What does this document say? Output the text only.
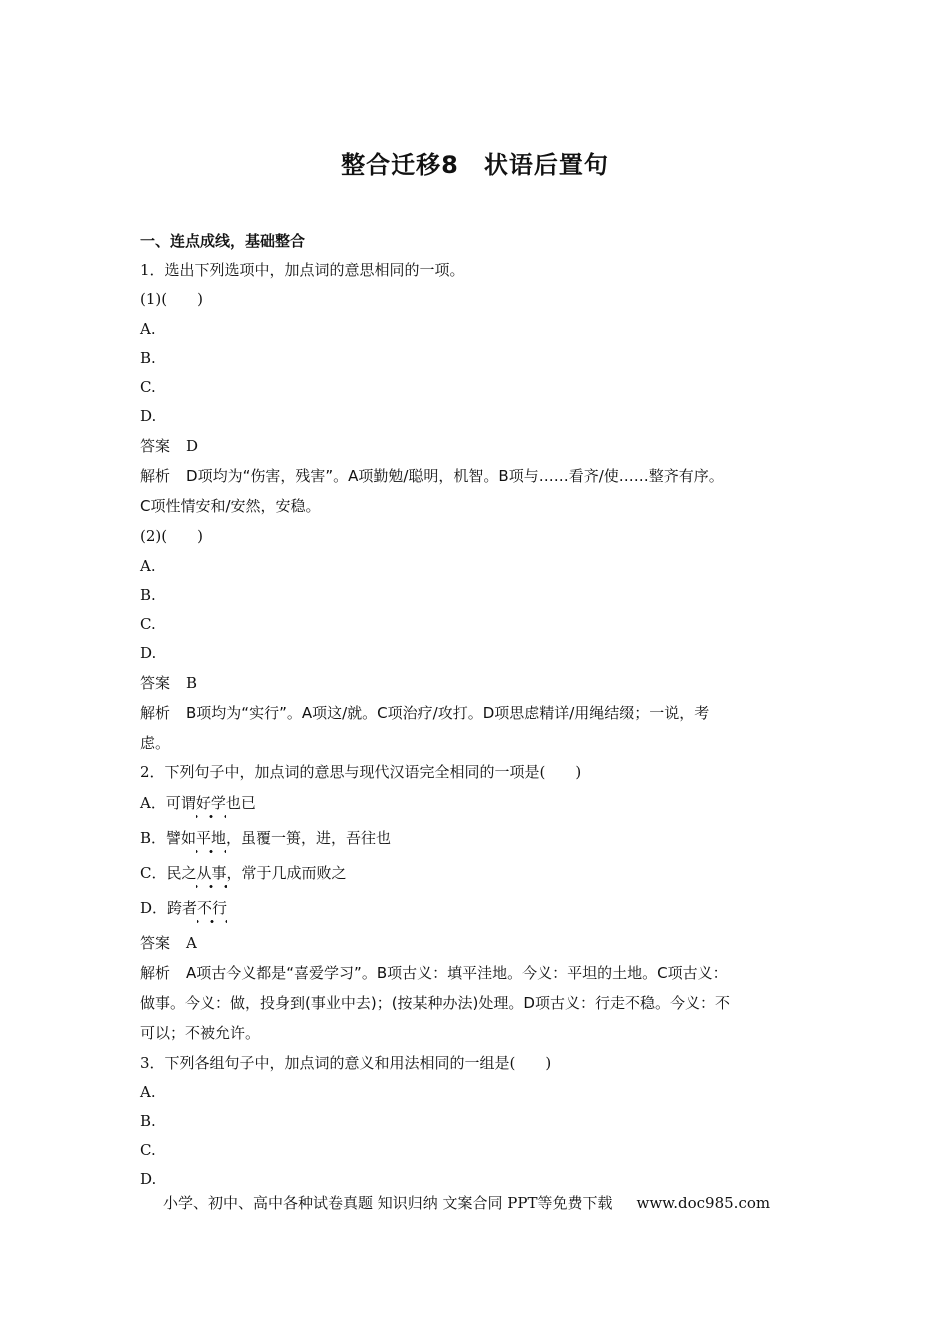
整合迁移8　状语后置句
一、连点成线，基础整合
1．选出下列选项中，加点词的意思相同的一项。
(1)(　　)
A.
B.
C.
D.
答案 D
解析 D项均为“伤害，残害”。A项勤勉/聪明，机智。B项与……看齐/使……整齐有序。
C项性情安和/安然，安稳。
(2)(　　)
A.
B.
C.
D.
答案 B
解析 B项均为“实行”。A项这/就。C项治疗/攻打。D项思虑精详/用绳结缀；一说，考
虑。
2．下列句子中，加点词的意思与现代汉语完全相同的一项是(　　)
A．可谓好学也已
B．譬如平地，虽覆一篑，进，吾往也
C．民之从事，常于几成而败之
D．跨者不行
答案 A
解析 A项古今义都是“喜爱学习”。B项古义：填平洼地。今义：平坦的土地。C项古义：
做事。今义：做，投身到(事业中去)；(按某种办法)处理。D项古义：行走不稳。今义：不
可以；不被允许。
3．下列各组句子中，加点词的意义和用法相同的一组是(　　)
A.
B.
C.
D.
小学、初中、高中各种试卷真题 知识归纳 文案合同 PPT等免费下载 www.doc985.com
